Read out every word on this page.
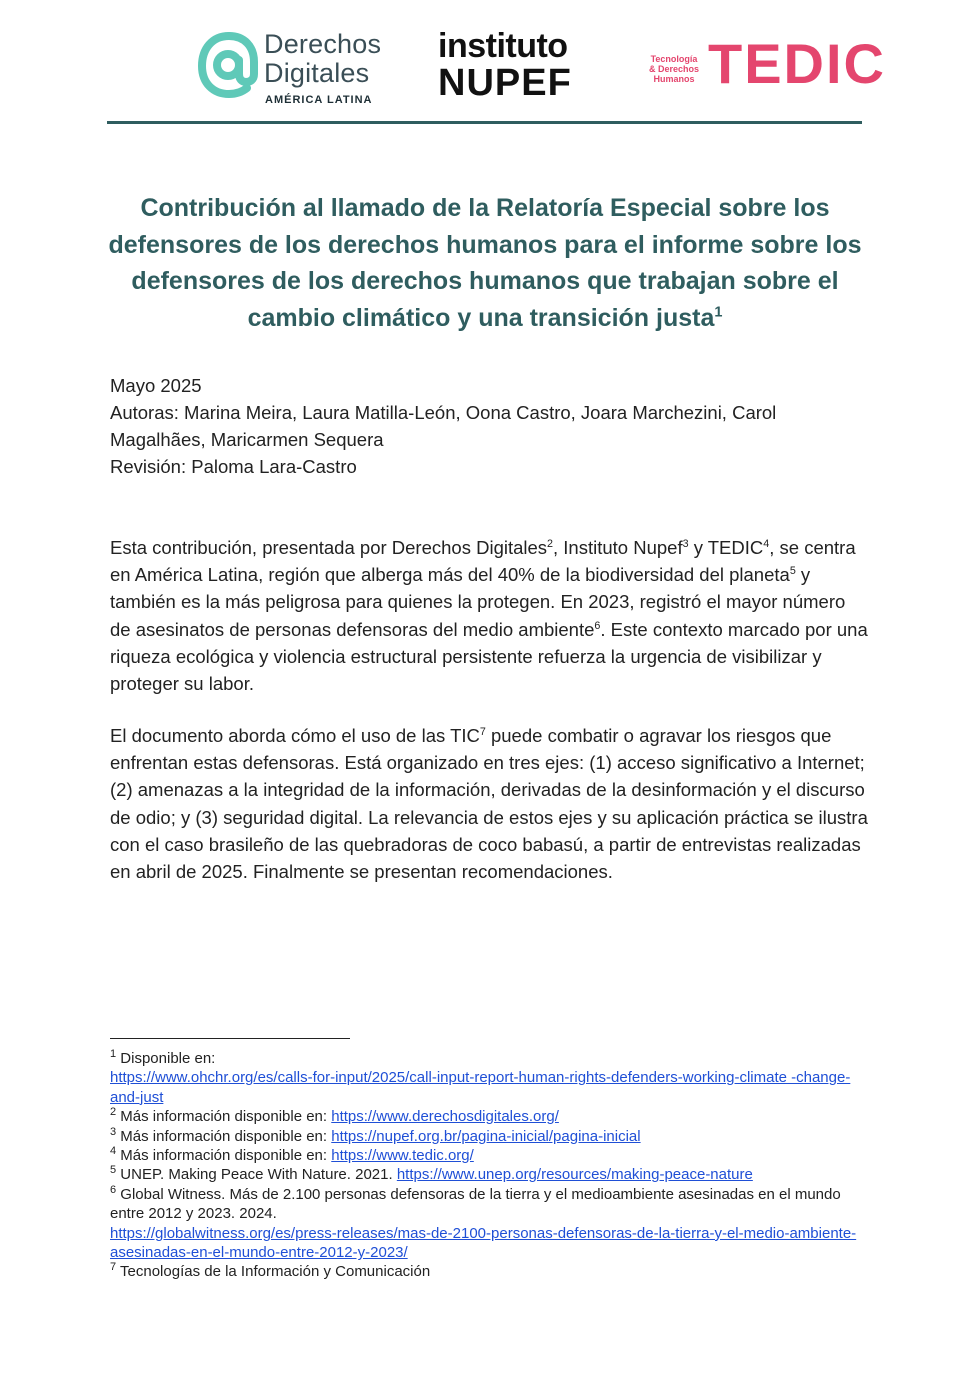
Derechos
Digitales
AMÉRICA LATINA
instituto
NUPEF
Tecnología
& Derechos
Humanos TEDIC
Contribución al llamado de la Relatoría Especial sobre los defensores de los derechos humanos para el informe sobre los defensores de los derechos humanos que trabajan sobre el cambio climático y una transición justa$^1$

Mayo 2025

Autoras: Marina Meira, Laura Matilla-León, Oona Castro, Joara Marchezini, Carol Magalhães, Maricarmen Sequera

Revisión: Paloma Lara-Castro

Esta contribución, presentada por Derechos Digitales$^2$, Instituto Nupef$^3$ y TEDIC$^4$, se centra en América Latina, región que alberga más del 40% de la biodiversidad del planeta$^5$ y también es la más peligrosa para quienes la protegen. En 2023, registró el mayor número de asesinatos de personas defensoras del medio ambiente$^6$. Este contexto marcado por una riqueza ecológica y violencia estructural persistente refuerza la urgencia de visibilizar y proteger su labor.

El documento aborda cómo el uso de las TIC$^7$ puede combatir o agravar los riesgos que enfrentan estas defensoras. Está organizado en tres ejes: (1) acceso significativo a Internet; (2) amenazas a la integridad de la información, derivadas de la desinformación y el discurso de odio; y (3) seguridad digital. La relevancia de estos ejes y su aplicación práctica se ilustra con el caso brasileño de las quebradoras de coco babasú, a partir de entrevistas realizadas en abril de 2025. Finalmente se presentan recomendaciones.

$^1$ Disponible en:
https://www.ohchr.org/es/calls-for-input/2025/call-input-report-human-rights-defenders-working-climate -change-and-just

$^2$ Más información disponible en: https://www.derechosdigitales.org/

$^3$ Más información disponible en: https://nupef.org.br/pagina-inicial/pagina-inicial

$^4$ Más información disponible en: https://www.tedic.org/

$^5$ UNEP. Making Peace With Nature. 2021. https://www.unep.org/resources/making-peace-nature

$^6$ Global Witness. Más de 2.100 personas defensoras de la tierra y el medioambiente asesinadas en el mundo entre 2012 y 2023. 2024.
https://globalwitness.org/es/press-releases/mas-de-2100-personas-defensoras-de-la-tierra-y-el-medio-ambiente-asesinadas-en-el-mundo-entre-2012-y-2023/

$^7$ Tecnologías de la Información y Comunicación
